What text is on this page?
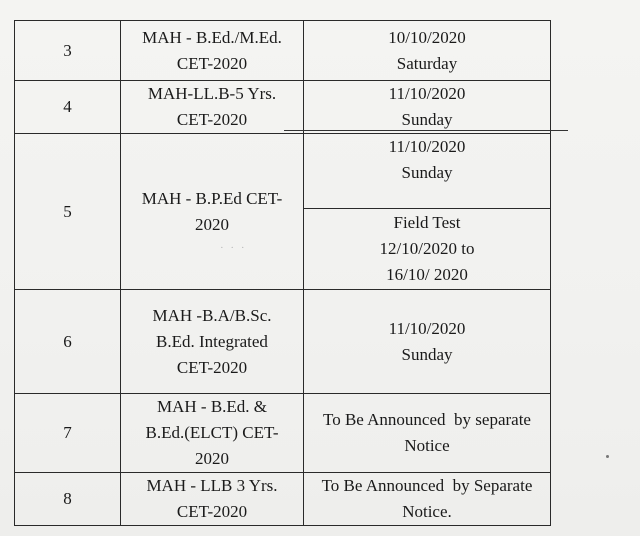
3	MAH - B.Ed./M.Ed.
CET-2020	10/10/2020
Saturday

4	MAH-LL.B-5 Yrs.
CET-2020	11/10/2020
Sunday

5	MAH - B.P.Ed CET-
2020	11/10/2020
Sunday

		Field Test
12/10/2020 to
16/10/ 2020

6	MAH -B.A/B.Sc.
B.Ed. Integrated
CET-2020	11/10/2020
Sunday

7	MAH - B.Ed. &
B.Ed.(ELCT) CET-
2020	To Be Announced  by separate
Notice

8	MAH - LLB 3 Yrs.
CET-2020	To Be Announced  by Separate
Notice.
· · ·
